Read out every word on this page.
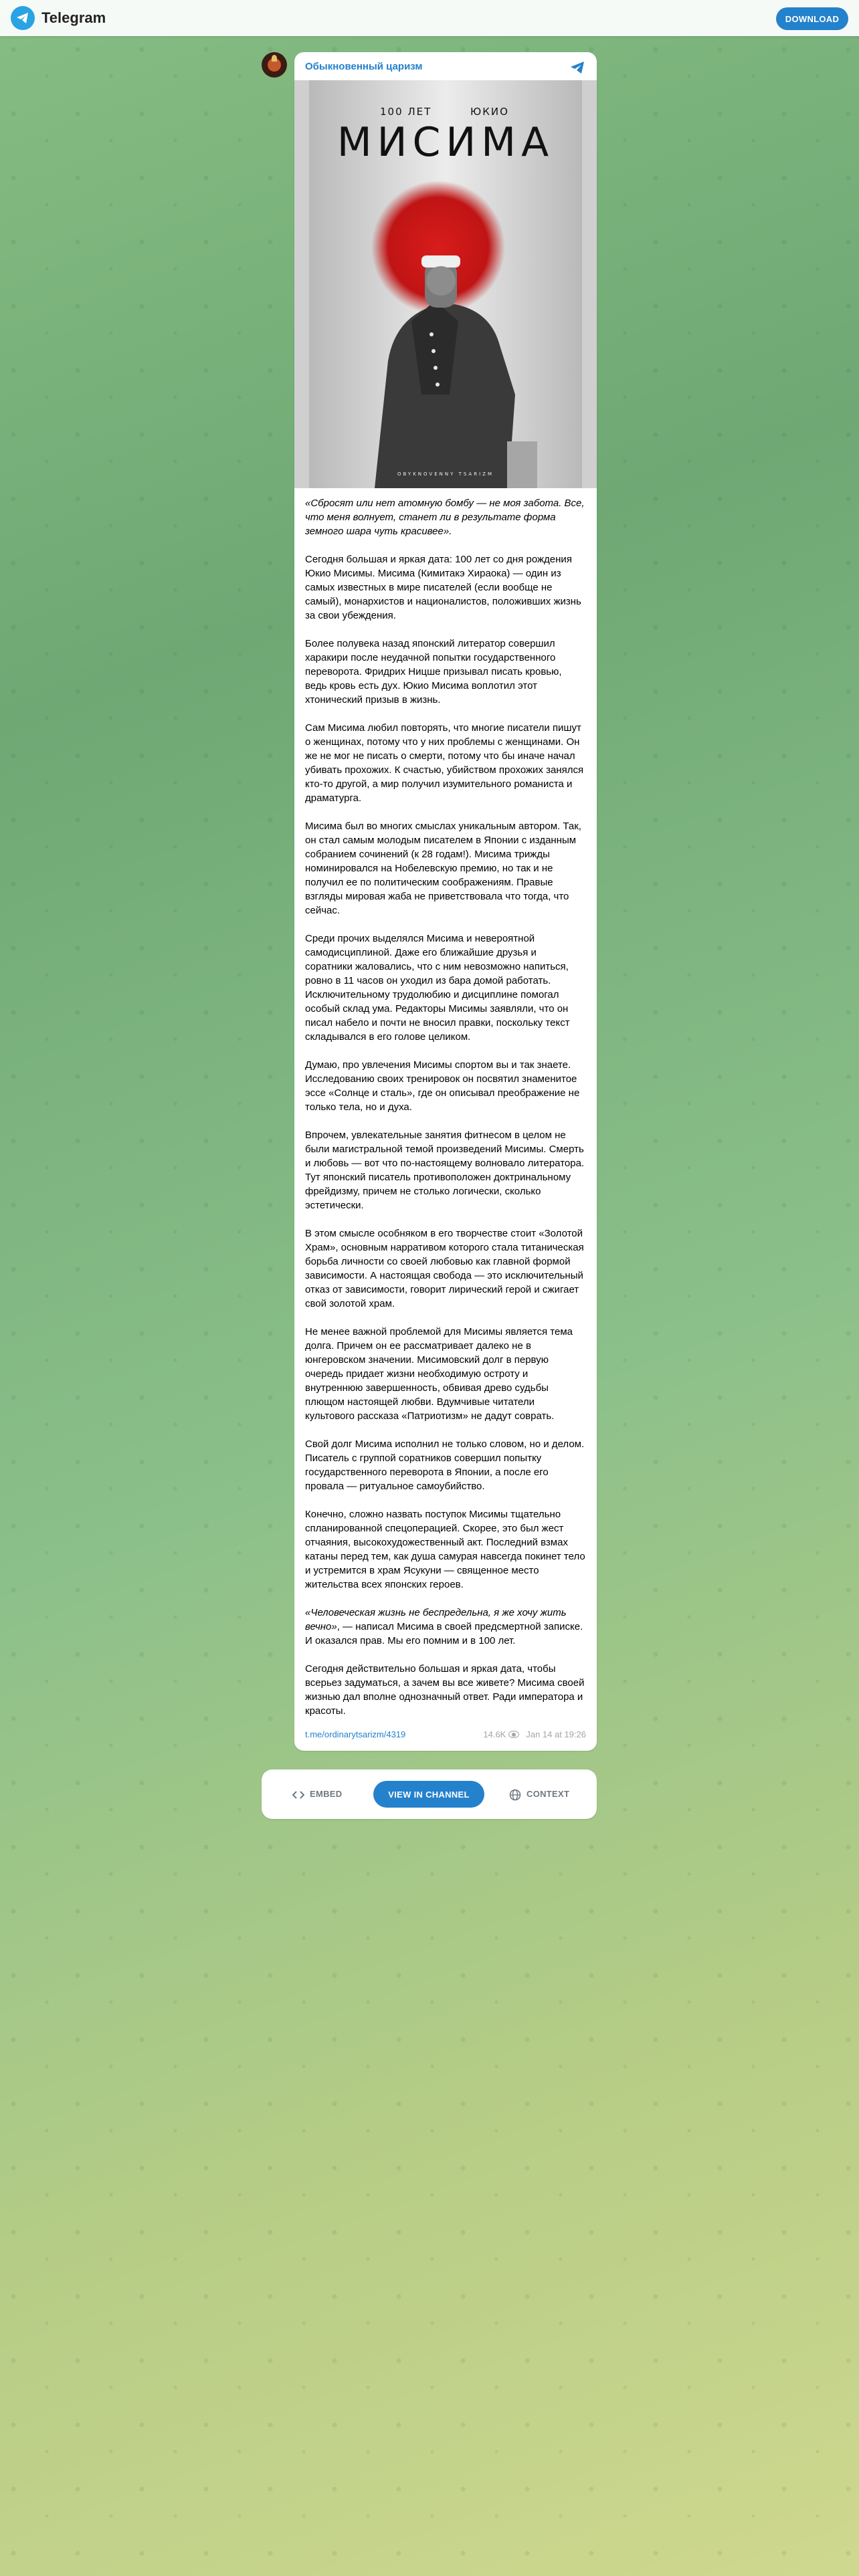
Telegram	DOWNLOAD
Обыкновенный царизм
100 ЛЕТ	ЮКИО
МИСИМА
OBYKNOVENNY TSARIZM

«Сбросят или нет атомную бомбу — не моя забота. Все, что меня волнует, станет ли в результате форма земного шара чуть красивее».

Сегодня большая и яркая дата: 100 лет со дня рождения Юкио Мисимы. Мисима (Кимитакэ Хираока) — один из самых известных в мире писателей (если вообще не самый), монархистов и националистов, положивших жизнь за свои убеждения.

Более полувека назад японский литератор совершил харакири после неудачной попытки государственного переворота. Фридрих Ницше призывал писать кровью, ведь кровь есть дух. Юкио Мисима воплотил этот хтонический призыв в жизнь.

Сам Мисима любил повторять, что многие писатели пишут о женщинах, потому что у них проблемы с женщинами. Он же не мог не писать о смерти, потому что бы иначе начал убивать прохожих. К счастью, убийством прохожих занялся кто-то другой, а мир получил изумительного романиста и драматурга.

Мисима был во многих смыслах уникальным автором. Так, он стал самым молодым писателем в Японии с изданным собранием сочинений (к 28 годам!). Мисима трижды номинировался на Нобелевскую премию, но так и не получил ее по политическим соображениям. Правые взгляды мировая жаба не приветствовала что тогда, что сейчас.

Среди прочих выделялся Мисима и невероятной самодисциплиной. Даже его ближайшие друзья и соратники жаловались, что с ним невозможно напиться, ровно в 11 часов он уходил из бара домой работать. Исключительному трудолюбию и дисциплине помогал особый склад ума. Редакторы Мисимы заявляли, что он писал набело и почти не вносил правки, поскольку текст складывался в его голове целиком.

Думаю, про увлечения Мисимы спортом вы и так знаете. Исследованию своих тренировок он посвятил знаменитое эссе «Солнце и сталь», где он описывал преображение не только тела, но и духа.

Впрочем, увлекательные занятия фитнесом в целом не были магистральной темой произведений Мисимы. Смерть и любовь — вот что по-настоящему волновало литератора. Тут японский писатель противоположен доктринальному фрейдизму, причем не столько логически, сколько эстетически.

В этом смысле особняком в его творчестве стоит «Золотой Храм», основным нарративом которого стала титаническая борьба личности со своей любовью как главной формой зависимости. А настоящая свобода — это исключительный отказ от зависимости, говорит лирический герой и сжигает свой золотой храм.

Не менее важной проблемой для Мисимы является тема долга. Причем он ее рассматривает далеко не в юнгеровском значении. Мисимовский долг в первую очередь придает жизни необходимую остроту и внутреннюю завершенность, обвивая древо судьбы плющом настоящей любви. Вдумчивые читатели культового рассказа «Патриотизм» не дадут соврать.

Свой долг Мисима исполнил не только словом, но и делом. Писатель с группой соратников совершил попытку государственного переворота в Японии, а после его провала — ритуальное самоубийство.

Конечно, сложно назвать поступок Мисимы тщательно спланированной спецоперацией. Скорее, это был жест отчаяния, высокохудожественный акт. Последний взмах катаны перед тем, как душа самурая навсегда покинет тело и устремится в храм Ясукуни — священное место жительства всех японских героев.

«Человеческая жизнь не беспредельна, я же хочу жить вечно», — написал Мисима в своей предсмертной записке. И оказался прав. Мы его помним и в 100 лет.

Сегодня действительно большая и яркая дата, чтобы всерьез задуматься, а зачем вы все живете? Мисима своей жизнью дал вполне однозначный ответ. Ради императора и красоты.

t.me/ordinarytsarizm/4319	14.6K Jan 14 at 19:26
EMBED	VIEW IN CHANNEL	CONTEXT
